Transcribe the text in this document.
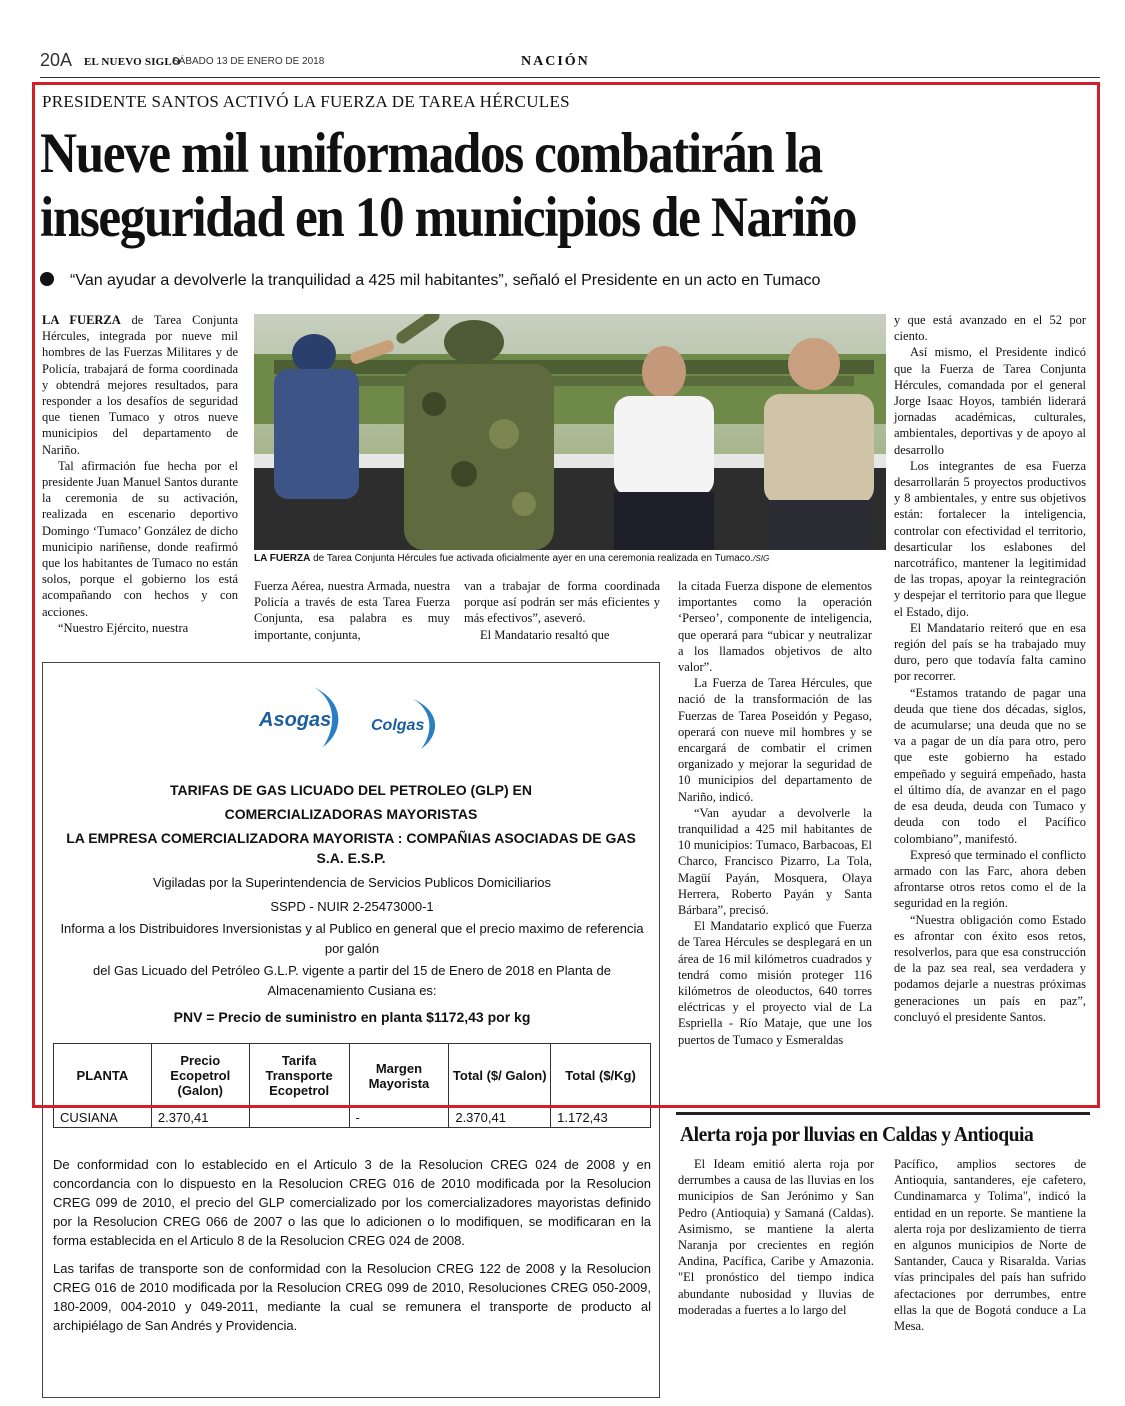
20A EL NUEVO SIGLO
SÁBADO 13 DE ENERO DE 2018	NACIÓN
PRESIDENTE SANTOS ACTIVÓ LA FUERZA DE TAREA HÉRCULES
Nueve mil uniformados combatirán la inseguridad en 10 municipios de Nariño
“Van ayudar a devolverle la tranquilidad a 425 mil habitantes”, señaló el Presidente en un acto en Tumaco

LA FUERZA de Tarea Conjunta Hércules, integrada por nueve mil hombres de las Fuerzas Militares y de Policía, trabajará de forma coordinada y obtendrá mejores resultados, para responder a los desafíos de seguridad que tienen Tumaco y otros nueve municipios del departamento de Nariño.

Tal afirmación fue hecha por el presidente Juan Manuel Santos durante la ceremonia de su activación, realizada en escenario deportivo Domingo ‘Tumaco’ González de dicho municipio nariñense, donde reafirmó que los habitantes de Tumaco no están solos, porque el gobierno los está acompañando con hechos y con acciones.

“Nuestro Ejército, nuestra

LA FUERZA de Tarea Conjunta Hércules fue activada oficialmente ayer en una ceremonia realizada en Tumaco./SIG

Fuerza Aérea, nuestra Armada, nuestra Policía a través de esta Tarea Fuerza Conjunta, esa palabra es muy importante, conjunta,

van a trabajar de forma coordinada porque así podrán ser más eficientes y más efectivos”, aseveró.

El Mandatario resaltó que

la citada Fuerza dispone de elementos importantes como la operación ‘Perseo’, componente de inteligencia, que operará para “ubicar y neutralizar a los llamados objetivos de alto valor”.

La Fuerza de Tarea Hércules, que nació de la transformación de las Fuerzas de Tarea Poseidón y Pegaso, operará con nueve mil hombres y se encargará de combatir el crimen organizado y mejorar la seguridad de 10 municipios del departamento de Nariño, indicó.

“Van ayudar a devolverle la tranquilidad a 425 mil habitantes de 10 municipios: Tumaco, Barbacoas, El Charco, Francisco Pizarro, La Tola, Magüí Payán, Mosquera, Olaya Herrera, Roberto Payán y Santa Bárbara”, precisó.

El Mandatario explicó que Fuerza de Tarea Hércules se desplegará en un área de 16 mil kilómetros cuadrados y tendrá como misión proteger 116 kilómetros de oleoductos, 640 torres eléctricas y el proyecto vial de La Espriella - Río Mataje, que une los puertos de Tumaco y Esmeraldas

y que está avanzado en el 52 por ciento.

Así mismo, el Presidente indicó que la Fuerza de Tarea Conjunta Hércules, comandada por el general Jorge Isaac Hoyos, también liderará jornadas académicas, culturales, ambientales, deportivas y de apoyo al desarrollo

Los integrantes de esa Fuerza desarrollarán 5 proyectos productivos y 8 ambientales, y entre sus objetivos están: fortalecer la inteligencia, controlar con efectividad el territorio, desarticular los eslabones del narcotráfico, mantener la legitimidad de las tropas, apoyar la reintegración y despejar el territorio para que llegue el Estado, dijo.

El Mandatario reiteró que en esa región del país se ha trabajado muy duro, pero que todavía falta camino por recorrer.

“Estamos tratando de pagar una deuda que tiene dos décadas, siglos, de acumularse; una deuda que no se va a pagar de un día para otro, pero que este gobierno ha estado empeñado y seguirá empeñado, hasta el último día, de avanzar en el pago de esa deuda, deuda con Tumaco y deuda con todo el Pacífico colombiano”, manifestó.

Expresó que terminado el conflicto armado con las Farc, ahora deben afrontarse otros retos como el de la seguridad en la región.

“Nuestra obligación como Estado es afrontar con éxito esos retos, resolverlos, para que esa construcción de la paz sea real, sea verdadera y podamos dejarle a nuestras próximas generaciones un país en paz”, concluyó el presidente Santos.

Asogas Colgas
TARIFAS DE GAS LICUADO DEL PETROLEO (GLP) EN
COMERCIALIZADORAS MAYORISTAS
LA EMPRESA COMERCIALIZADORA MAYORISTA : COMPAÑIAS ASOCIADAS DE GAS
S.A. E.S.P.
Vigiladas por la Superintendencia de Servicios Publicos Domiciliarios
SSPD - NUIR 2-25473000-1
Informa a los Distribuidores Inversionistas y al Publico en general que el precio maximo de referencia por galón
del Gas Licuado del Petróleo G.L.P. vigente a partir del 15 de Enero de 2018 en Planta de Almacenamiento Cusiana es:
PNV = Precio de suministro en planta $1172,43 por kg
PLANTA	Precio Ecopetrol (Galon)	Tarifa Transporte Ecopetrol	Margen Mayorista	Total ($/ Galon)	Total ($/Kg)
CUSIANA	2.370,41		-	2.370,41	1.172,43
De conformidad con lo establecido en el Articulo 3 de la Resolucion CREG 024 de 2008 y en concordancia con lo dispuesto en la Resolucion CREG 016 de 2010 modificada por la Resolucion CREG 099 de 2010, el precio del GLP comercializado por los comercializadores mayoristas definido por la Resolucion CREG 066 de 2007 o las que lo adicionen o lo modifiquen, se modificaran en la forma establecida en el Articulo 8 de la Resolucion CREG 024 de 2008.
Las tarifas de transporte son de conformidad con la Resolucion CREG 122 de 2008 y la Resolucion CREG 016 de 2010 modificada por la Resolucion CREG 099 de 2010, Resoluciones CREG 050-2009, 180-2009, 004-2010 y 049-2011, mediante la cual se remunera el transporte de producto al archipiélago de San Andrés y Providencia.
Alerta roja por lluvias en Caldas y Antioquia

El Ideam emitió alerta roja por derrumbes a causa de las lluvias en los municipios de San Jerónimo y San Pedro (Antioquia) y Samaná (Caldas). Asimismo, se mantiene la alerta Naranja por crecientes en región Andina, Pacífica, Caribe y Amazonia. "El pronóstico del tiempo indica abundante nubosidad y lluvias de moderadas a fuertes a lo largo del

Pacífico, amplios sectores de Antioquia, santanderes, eje cafetero, Cundinamarca y Tolima", indicó la entidad en un reporte. Se mantiene la alerta roja por deslizamiento de tierra en algunos municipios de Norte de Santander, Cauca y Risaralda. Varias vías principales del país han sufrido afectaciones por derrumbes, entre ellas la que de Bogotá conduce a La Mesa.
